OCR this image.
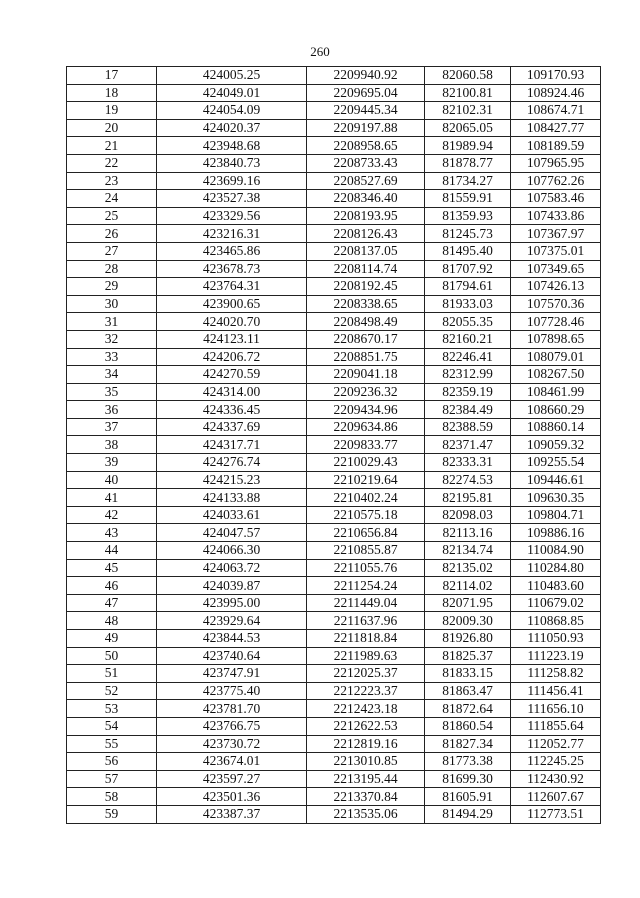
260
17	424005.25	2209940.92	82060.58	109170.93
18	424049.01	2209695.04	82100.81	108924.46
19	424054.09	2209445.34	82102.31	108674.71
20	424020.37	2209197.88	82065.05	108427.77
21	423948.68	2208958.65	81989.94	108189.59
22	423840.73	2208733.43	81878.77	107965.95
23	423699.16	2208527.69	81734.27	107762.26
24	423527.38	2208346.40	81559.91	107583.46
25	423329.56	2208193.95	81359.93	107433.86
26	423216.31	2208126.43	81245.73	107367.97
27	423465.86	2208137.05	81495.40	107375.01
28	423678.73	2208114.74	81707.92	107349.65
29	423764.31	2208192.45	81794.61	107426.13
30	423900.65	2208338.65	81933.03	107570.36
31	424020.70	2208498.49	82055.35	107728.46
32	424123.11	2208670.17	82160.21	107898.65
33	424206.72	2208851.75	82246.41	108079.01
34	424270.59	2209041.18	82312.99	108267.50
35	424314.00	2209236.32	82359.19	108461.99
36	424336.45	2209434.96	82384.49	108660.29
37	424337.69	2209634.86	82388.59	108860.14
38	424317.71	2209833.77	82371.47	109059.32
39	424276.74	2210029.43	82333.31	109255.54
40	424215.23	2210219.64	82274.53	109446.61
41	424133.88	2210402.24	82195.81	109630.35
42	424033.61	2210575.18	82098.03	109804.71
43	424047.57	2210656.84	82113.16	109886.16
44	424066.30	2210855.87	82134.74	110084.90
45	424063.72	2211055.76	82135.02	110284.80
46	424039.87	2211254.24	82114.02	110483.60
47	423995.00	2211449.04	82071.95	110679.02
48	423929.64	2211637.96	82009.30	110868.85
49	423844.53	2211818.84	81926.80	111050.93
50	423740.64	2211989.63	81825.37	111223.19
51	423747.91	2212025.37	81833.15	111258.82
52	423775.40	2212223.37	81863.47	111456.41
53	423781.70	2212423.18	81872.64	111656.10
54	423766.75	2212622.53	81860.54	111855.64
55	423730.72	2212819.16	81827.34	112052.77
56	423674.01	2213010.85	81773.38	112245.25
57	423597.27	2213195.44	81699.30	112430.92
58	423501.36	2213370.84	81605.91	112607.67
59	423387.37	2213535.06	81494.29	112773.51
